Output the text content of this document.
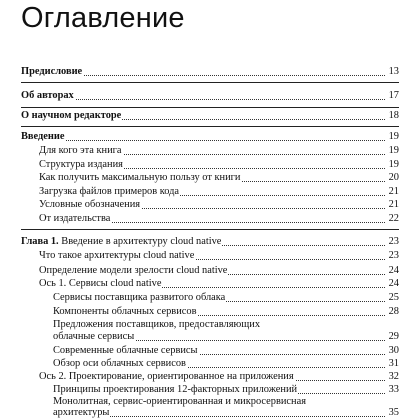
Оглавление
Предисловие	13
Об авторах	17
О научном редакторе	18
Введение	19
Для кого эта книга	19
Структура издания	19
Как получить максимальную пользу от книги	20
Загрузка файлов примеров кода	21
Условные обозначения	21
От издательства	22
Глава 1. Введение в архитектуру cloud native	23
Что такое архитектуры cloud native	23
Определение модели зрелости cloud native	24
Ось 1. Сервисы cloud native	24
Сервисы поставщика развитого облака	25
Компоненты облачных сервисов	28
Предложения поставщиков, предоставляющих
облачные сервисы	29
Современные облачные сервисы	30
Обзор оси облачных сервисов	31
Ось 2. Проектирование, ориентированное на приложения	32
Принципы проектирования 12-факторных приложений	33
Монолитная, сервис-ориентированная и микросервисная
архитектуры	35
